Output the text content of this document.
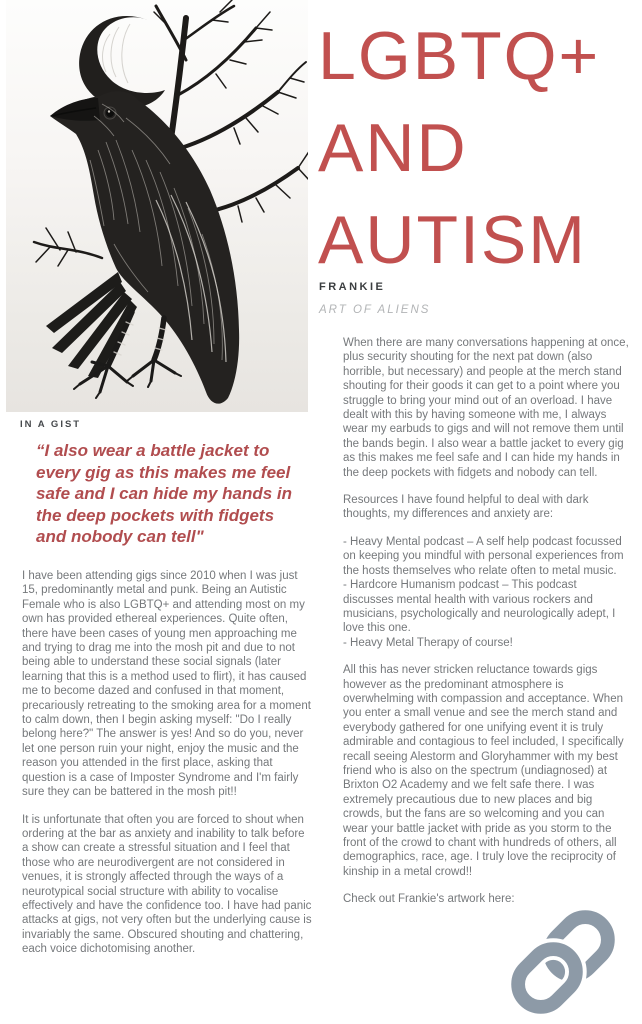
LGBTQ+
AND
AUTISM
FRANKIE
ART OF ALIENS
IN A GIST
“I also wear a battle jacket to every gig as this makes me feel safe and I can hide my hands in the deep pockets with fidgets and nobody can tell"

I have been attending gigs since 2010 when I was just 15, predominantly metal and punk. Being an Autistic Female who is also LGBTQ+ and attending most on my own has provided ethereal experiences. Quite often, there have been cases of young men approaching me and trying to drag me into the mosh pit and due to not being able to understand these social signals (later learning that this is a method used to flirt), it has caused me to become dazed and confused in that moment, precariously retreating to the smoking area for a moment to calm down, then I begin asking myself: "Do I really belong here?" The answer is yes! And so do you, never let one person ruin your night, enjoy the music and the reason you attended in the first place, asking that question is a case of Imposter Syndrome and I'm fairly sure they can be battered in the mosh pit!!

It is unfortunate that often you are forced to shout when ordering at the bar as anxiety and inability to talk before a show can create a stressful situation and I feel that those who are neurodivergent are not considered in venues, it is strongly affected through the ways of a neurotypical social structure with ability to vocalise effectively and have the confidence too. I have had panic attacks at gigs, not very often but the underlying cause is invariably the same. Obscured shouting and chattering, each voice dichotomising another.

When there are many conversations happening at once, plus security shouting for the next pat down (also horrible, but necessary) and people at the merch stand shouting for their goods it can get to a point where you struggle to bring your mind out of an overload. I have dealt with this by having someone with me, I always wear my earbuds to gigs and will not remove them until the bands begin. I also wear a battle jacket to every gig as this makes me feel safe and I can hide my hands in the deep pockets with fidgets and nobody can tell.

Resources I have found helpful to deal with dark thoughts, my differences and anxiety are:

- Heavy Mental podcast – A self help podcast focussed on keeping you mindful with personal experiences from the hosts themselves who relate often to metal music.
- Hardcore Humanism podcast – This podcast discusses mental health with various rockers and musicians, psychologically and neurologically adept, I love this one.
- Heavy Metal Therapy of course!

All this has never stricken reluctance towards gigs however as the predominant atmosphere is overwhelming with compassion and acceptance. When you enter a small venue and see the merch stand and everybody gathered for one unifying event it is truly admirable and contagious to feel included, I specifically recall seeing Alestorm and Gloryhammer with my best friend who is also on the spectrum (undiagnosed) at Brixton O2 Academy and we felt safe there. I was extremely precautious due to new places and big crowds, but the fans are so welcoming and you can wear your battle jacket with pride as you storm to the front of the crowd to chant with hundreds of others, all demographics, race, age. I truly love the reciprocity of kinship in a metal crowd!!

Check out Frankie's artwork here:
